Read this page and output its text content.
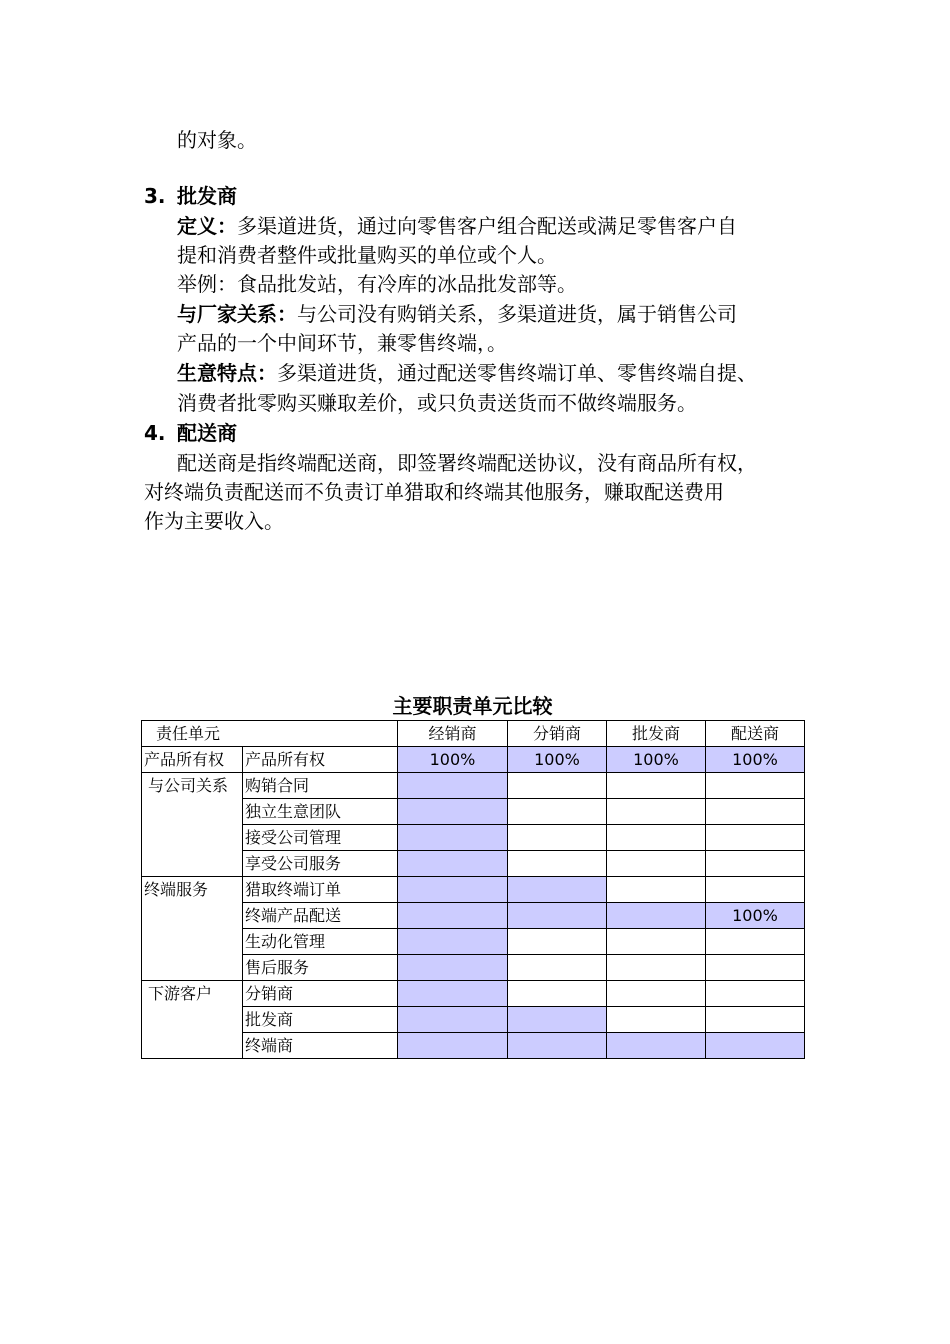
的对象。
3. 批发商
定义：多渠道进货，通过向零售客户组合配送或满足零售客户自
提和消费者整件或批量购买的单位或个人。
举例：食品批发站，有冷库的冰品批发部等。
与厂家关系：与公司没有购销关系，多渠道进货，属于销售公司
产品的一个中间环节，兼零售终端，。
生意特点：多渠道进货，通过配送零售终端订单、零售终端自提、
消费者批零购买赚取差价，或只负责送货而不做终端服务。
4. 配送商
配送商是指终端配送商，即签署终端配送协议，没有商品所有权，
对终端负责配送而不负责订单猎取和终端其他服务，赚取配送费用
作为主要收入。
主要职责单元比较
责任单元		经销商	分销商	批发商	配送商
产品所有权	产品所有权	100%	100%	100%	100%
与公司关系	购销合同				
	独立生意团队				
	接受公司管理				
	享受公司服务				
终端服务	猎取终端订单				
	终端产品配送				100%
	生动化管理				
	售后服务				
下游客户	分销商				
	批发商				
	终端商				
